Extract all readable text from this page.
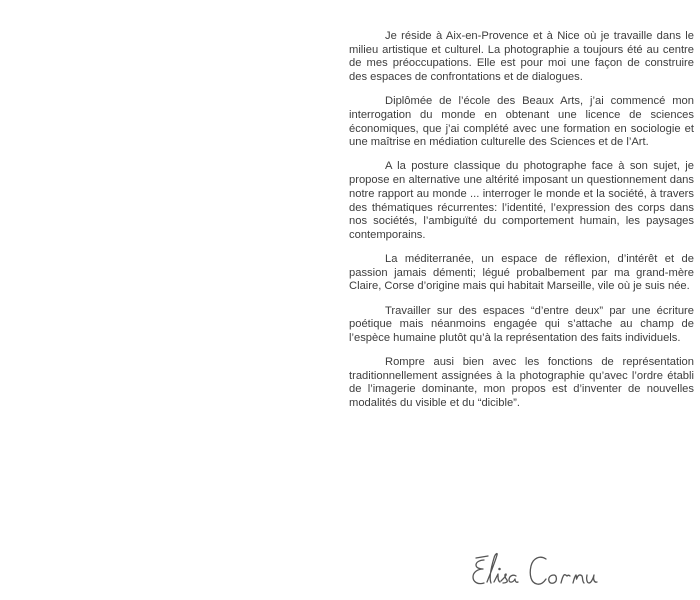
Je réside à Aix-en-Provence et à Nice où je travaille dans le milieu artistique et culturel. La photographie a toujours été au centre de mes préoccupations. Elle est pour moi une façon de construire des espaces de confrontations et de dialogues.

Diplômée de l’école des Beaux Arts, j’ai commencé mon interrogation du monde en obtenant une licence de sciences économiques, que j’ai complété avec une formation en sociologie et une maîtrise en médiation culturelle des Sciences et de l’Art.

A la posture classique du photographe face à son sujet, je propose en alternative une altérité imposant un questionnement dans notre rapport au monde ... interroger le monde et la société, à travers des thématiques récurrentes: l’identité, l’expression des corps dans nos sociétés, l’ambiguïté du comportement humain, les paysages contemporains.

La méditerranée, un espace de réflexion, d’intérêt et de passion jamais démenti; légué probalbement par ma grand-mère Claire, Corse d’origine mais qui habitait Marseille, vile où je suis née.

Travailler sur des espaces “d’entre deux” par une écriture poétique mais néanmoins engagée qui s’attache au champ de l’espèce humaine plutôt qu’à la représentation des faits individuels.

Rompre ausi bien avec les fonctions de représentation traditionnellement assignées à la photographie qu’avec l’ordre établi de l’imagerie dominante, mon propos est d’inventer de nouvelles modalités du visible et du “dicible”.
